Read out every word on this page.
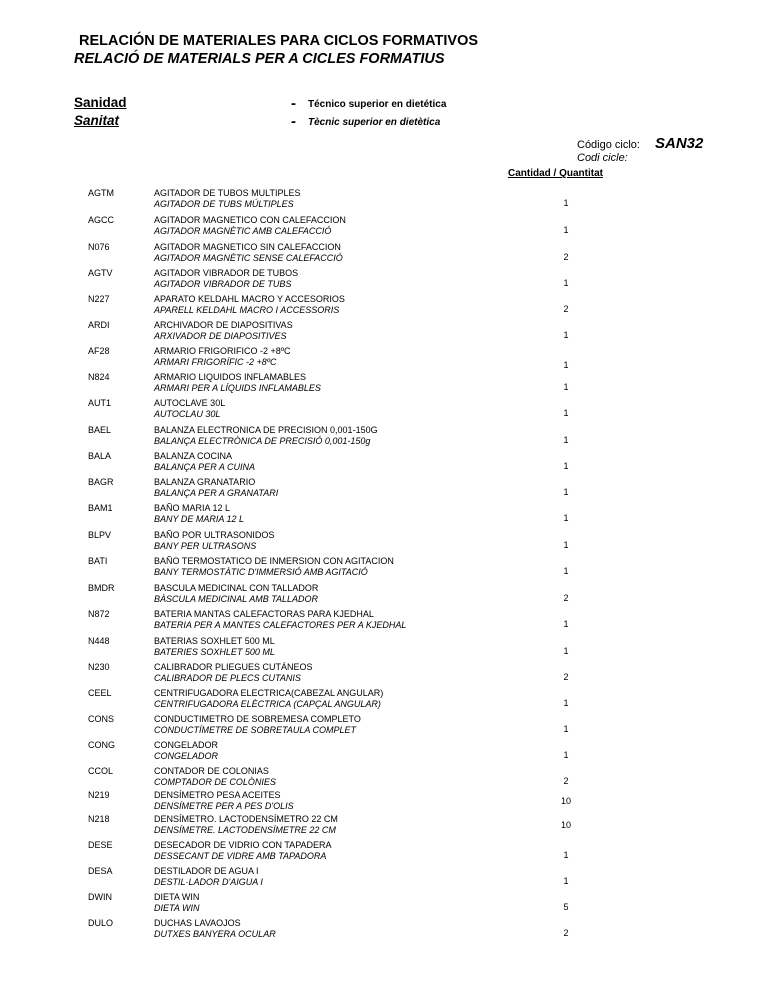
RELACIÓN DE MATERIALES PARA CICLOS FORMATIVOS
RELACIÓ DE MATERIALS PER A CICLES FORMATIUS
Sanidad
Sanitat
- Técnico superior en dietética
- Tècnic superior en dietètica
Código ciclo:
Codi cicle:
SAN32
Cantidad / Quantitat
AGTM	AGITADOR DE TUBOS MULTIPLES
AGITADOR DE TUBS MÚLTIPLES	1
AGCC	AGITADOR MAGNETICO CON CALEFACCION
AGITADOR MAGNÈTIC AMB CALEFACCIÓ	1
N076	AGITADOR MAGNETICO SIN CALEFACCION
AGITADOR MAGNÈTIC SENSE CALEFACCIÓ	2
AGTV	AGITADOR VIBRADOR DE TUBOS
AGITADOR VIBRADOR DE TUBS	1
N227	APARATO KELDAHL MACRO Y ACCESORIOS
APARELL KELDAHL MACRO I ACCESSORIS	2
ARDI	ARCHIVADOR DE DIAPOSITIVAS
ARXIVADOR DE DIAPOSITIVES	1
AF28	ARMARIO FRIGORIFICO -2 +8ºC
ARMARI FRIGORÍFIC -2 +8ºC	1
N824	ARMARIO LIQUIDOS INFLAMABLES
ARMARI PER A LÍQUIDS INFLAMABLES	1
AUT1	AUTOCLAVE 30L
AUTOCLAU 30L	1
BAEL	BALANZA ELECTRONICA DE PRECISION 0,001-150G
BALANÇA ELECTRÒNICA DE PRECISIÓ 0,001-150g	1
BALA	BALANZA COCINA
BALANÇA PER A CUINA	1
BAGR	BALANZA GRANATARIO
BALANÇA PER A GRANATARI	1
BAM1	BAÑO MARIA 12 L
BANY DE MARIA 12 L	1
BLPV	BAÑO POR ULTRASONIDOS
BANY PER ULTRASONS	1
BATI	BAÑO TERMOSTATICO DE INMERSION CON AGITACION
BANY TERMOSTÀTIC D'IMMERSIÓ AMB AGITACIÓ	1
BMDR	BASCULA MEDICINAL CON TALLADOR
BÀSCULA MEDICINAL AMB TALLADOR	2
N872	BATERIA MANTAS CALEFACTORAS PARA KJEDHAL
BATERIA PER A MANTES CALEFACTORES PER A KJEDHAL	1
N448	BATERIAS SOXHLET 500 ML
BATERIES SOXHLET 500 ML	1
N230	CALIBRADOR PLIEGUES CUTÁNEOS
CALIBRADOR DE PLECS CUTANIS	2
CEEL	CENTRIFUGADORA ELECTRICA(CABEZAL ANGULAR)
CENTRIFUGADORA ELÈCTRICA (CAPÇAL ANGULAR)	1
CONS	CONDUCTIMETRO DE SOBREMESA COMPLETO
CONDUCTÍMETRE DE SOBRETAULA COMPLET	1
CONG	CONGELADOR
CONGELADOR	1
CCOL	CONTADOR DE COLONIAS
COMPTADOR DE COLÒNIES	2
N219	DENSÍMETRO PESA ACEITES
DENSÍMETRE PER A PES D'OLIS	10
N218	DENSÍMETRO. LACTODENSÍMETRO 22 CM
DENSÍMETRE. LACTODENSÍMETRE 22 CM	10
DESE	DESECADOR DE VIDRIO CON TAPADERA
DESSECANT DE VIDRE AMB TAPADORA	1
DESA	DESTILADOR DE AGUA I
DESTIL·LADOR D'AIGUA I	1
DWIN	DIETA WIN
DIETA WIN	5
DULO	DUCHAS LAVAOJOS
DUTXES BANYERA OCULAR	2
